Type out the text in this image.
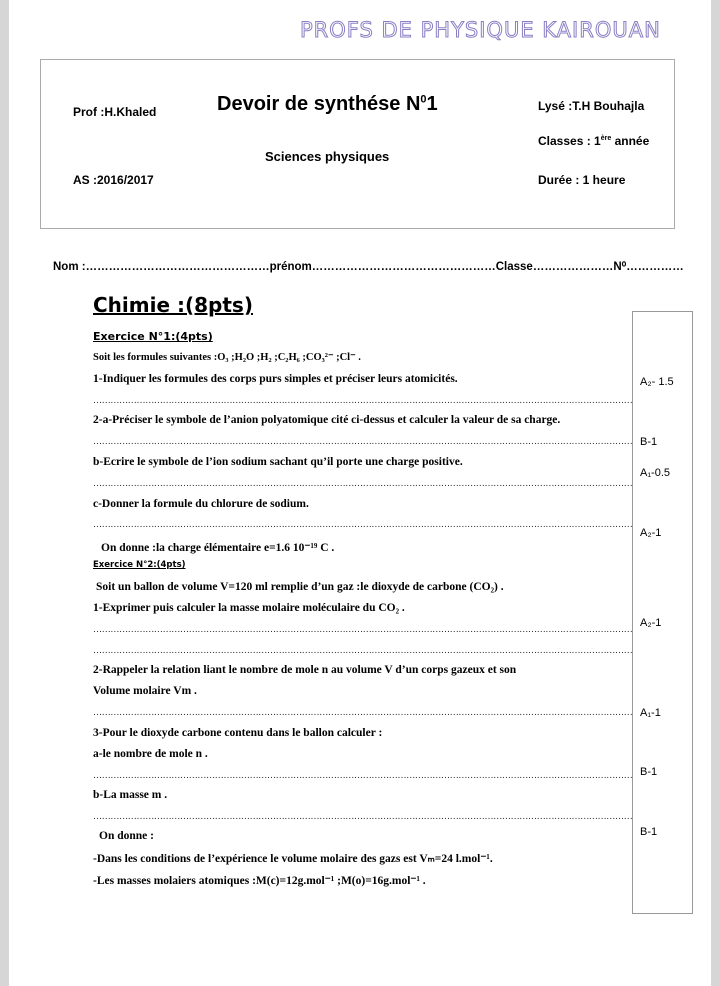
PROFS DE PHYSIQUE KAIROUAN
Prof :H.Khaled	Devoir de synthése $N^01$	Lysé :T.H Bouhajla
Classes : 1ère année
Sciences physiques
AS :2016/2017	Durée : 1 heure
Nom :…………………………………………prénom…………………………………………Classe…………………N⁰……………
Chimie :(8pts)
Exercice N°1:(4pts)
Soit les formules suivantes :O₃ ;H₂O ;H₂ ;C₂H₆ ;CO₃²⁻ ;Cl⁻ .
1-Indiquer les formules des corps purs simples et préciser leurs atomicités.
……………………………………………………………………………………………………………………………………………………………………
2-a-Préciser le symbole de l’anion polyatomique cité ci-dessus et calculer la valeur de sa charge.
……………………………………………………………………………………………………………………………………………………………………
b-Ecrire le symbole de l’ion sodium sachant qu’il porte une charge positive.
……………………………………………………………………………………………………………………………………………………………………
c-Donner la formule du chlorure de sodium.
……………………………………………………………………………………………………………………………………………………………………
On donne :la charge élémentaire e=1.6 10⁻¹⁹ C .
Exercice N°2:(4pts)
Soit un ballon de volume V=120 ml remplie d’un gaz :le dioxyde de carbone (CO₂) .
1-Exprimer puis calculer la masse molaire moléculaire du CO₂ .
……………………………………………………………………………………………………………………………………………………………………
……………………………………………………………………………………………………………………………………………………………………
2-Rappeler la relation liant le nombre de mole n au volume V d’un corps gazeux et son
Volume molaire Vm .
……………………………………………………………………………………………………………………………………………………………………
3-Pour le dioxyde carbone contenu dans le ballon calculer :
a-le nombre de mole n .
……………………………………………………………………………………………………………………………………………………………………
b-La masse m .
……………………………………………………………………………………………………………………………………………………………………
On donne :
-Dans les conditions de l’expérience le volume molaire des gazs est Vₘ=24 l.mol⁻¹.
-Les masses molaiers atomiques :M(c)=12g.mol⁻¹ ;M(o)=16g.mol⁻¹ .
A₂- 1.5
B-1
A₁-0.5
A₂-1
A₂-1
A₁-1
B-1
B-1
